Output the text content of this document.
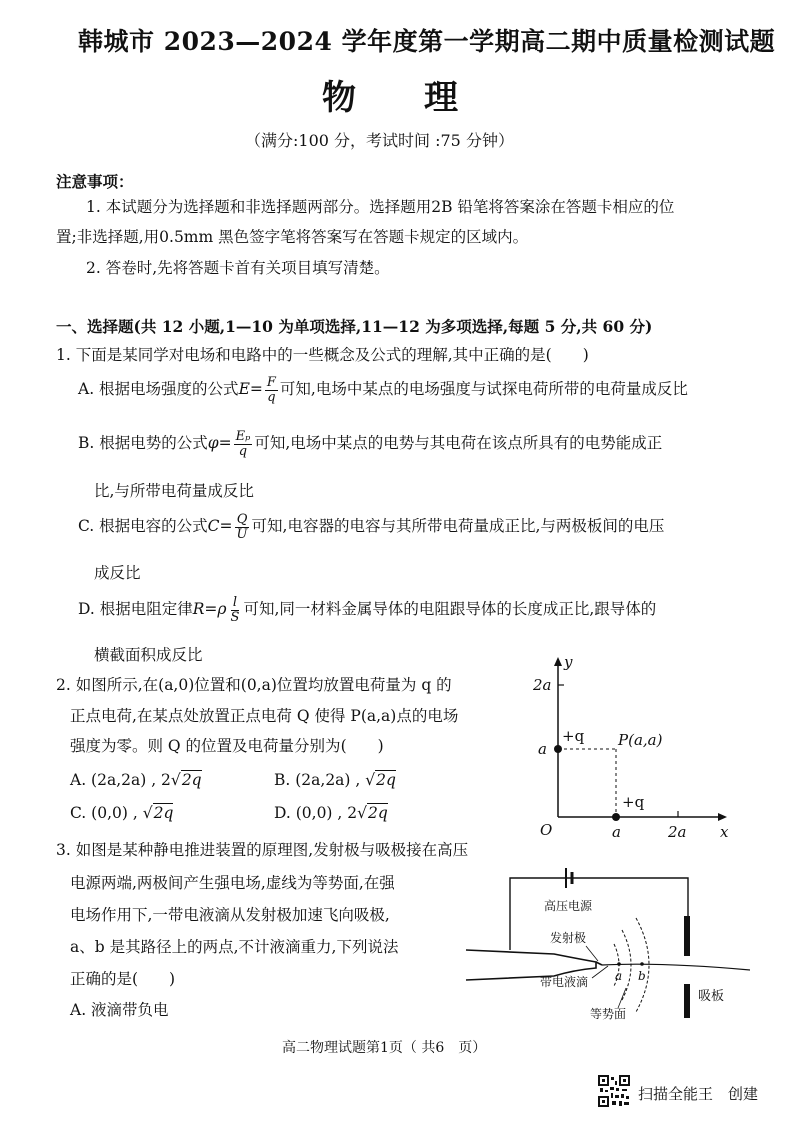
韩城市 2023—2024 学年度第一学期高二期中质量检测试题
物　　理
（满分:100 分，考试时间 :75 分钟）
注意事项：
1. 本试题分为选择题和非选择题两部分。选择题用2B 铅笔将答案涂在答题卡相应的位
置;非选择题,用0.5mm 黑色签字笔将答案写在答题卡规定的区域内。
2. 答卷时,先将答题卡首有关项目填写清楚。
一、选择题(共 12 小题,1—10 为单项选择,11—12 为多项选择,每题 5 分,共 60 分)
1. 下面是某同学对电场和电路中的一些概念及公式的理解,其中正确的是(　　)
A. 根据电场强度的公式 $E = \frac{F}{q}$ 可知,电场中某点的电场强度与试探电荷所带的电荷量成反比
B. 根据电势的公式 $\varphi = \frac{\text{Eₚ}}{q}$ 可知,电场中某点的电势与其电荷在该点所具有的电势能成正
比,与所带电荷量成反比
C. 根据电容的公式 $C = \frac{Q}{U}$ 可知,电容器的电容与其所带电荷量成正比,与两极板间的电压
成反比
D. 根据电阻定律 R = ρ $\frac{l}{S}$ 可知,同一材料金属导体的电阻跟导体的长度成正比,跟导体的
横截面积成反比
2. 如图所示,在(a,0)位置和(0,a)位置均放置电荷量为 q 的
正点电荷,在某点处放置正点电荷 Q 使得 P(a,a)点的电场
强度为零。则 Q 的位置及电荷量分别为(　　)
A. (2a,2a) , 2√2q	B. (2a,2a) , √2q
C. (0,0) , √2q	D. (0,0) , 2√2q
y
x
O
2a
a
a	2a
+q
+q
P(a,a)
3. 如图是某种静电推进装置的原理图,发射极与吸极接在高压
电源两端,两极间产生强电场,虚线为等势面,在强
电场作用下,一带电液滴从发射极加速飞向吸极,
a、b 是其路径上的两点,不计液滴重力,下列说法
正确的是(　　)
A. 液滴带负电
高压电源
吸板
a b
发射极
带电液滴
等势面
高二物理试题第1页（ 共6　页）
扫描全能王　创建
